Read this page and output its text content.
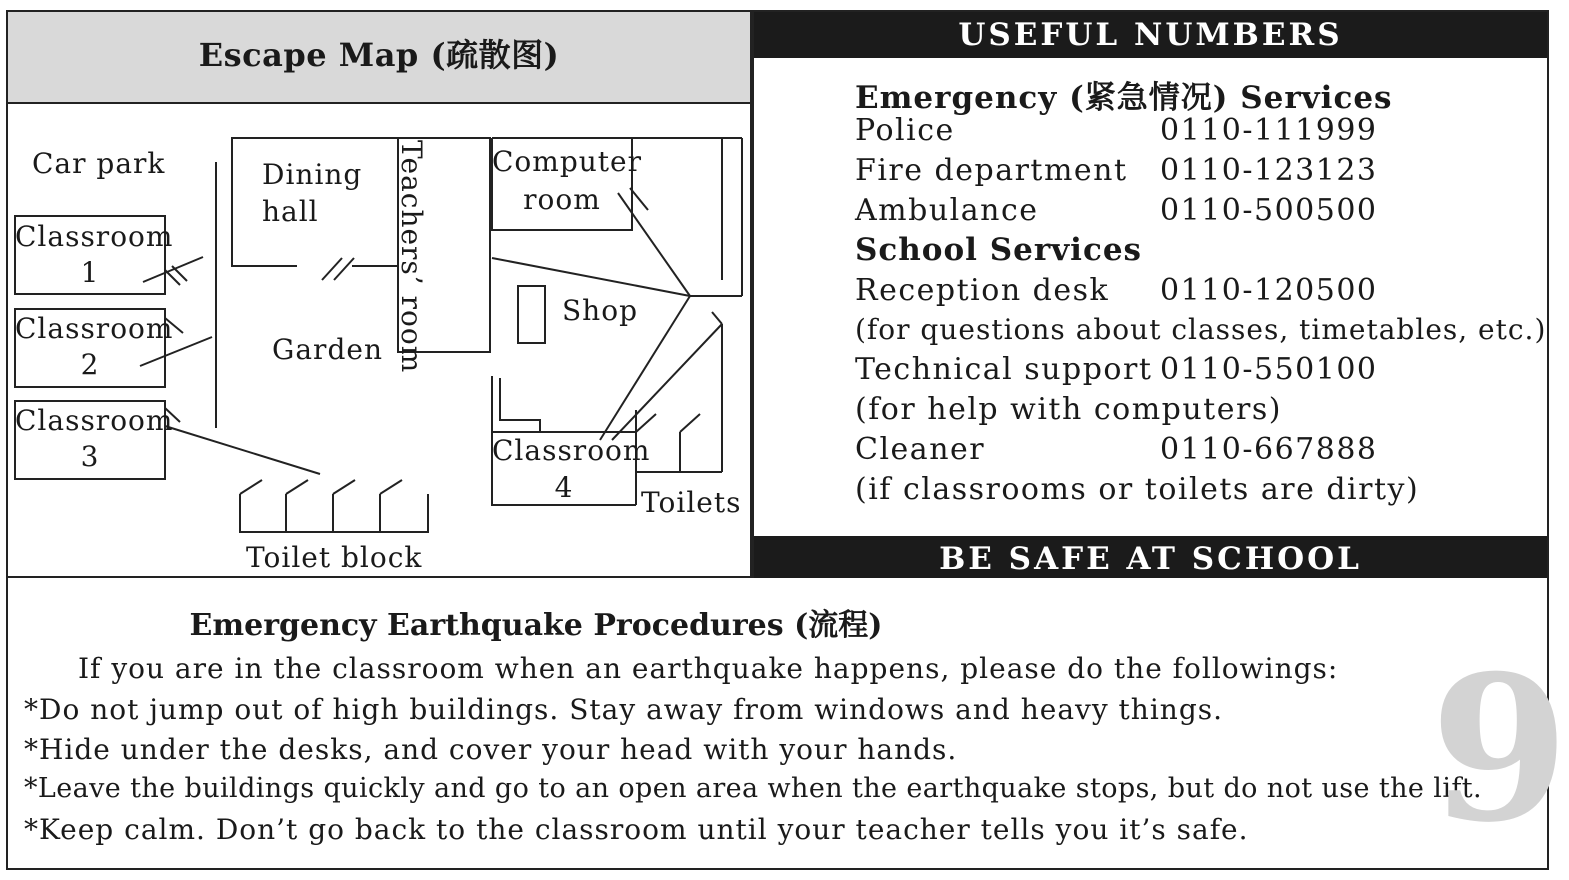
Escape Map (疏散图)
Car park
Classroom
1
Classroom
2
Classroom
3
Dining
hall	Teachers’ room Computer
room
Shop
Garden
Classroom
4	Toilets
Toilet block
USEFUL NUMBERS
Emergency (紧急情况) Services
Police	0110-111999
Fire department 0110-123123
Ambulance	0110-500500
School Services
Reception desk 0110-120500
(for questions about classes, timetables, etc.)
Technical support 0110-550100
(for help with computers)
Cleaner	0110-667888
(if classrooms or toilets are dirty)
BE SAFE AT SCHOOL
Emergency Earthquake Procedures (流程)
If you are in the classroom when an earthquake happens, please do the followings:
*Do not jump out of high buildings. Stay away from windows and heavy things.
*Hide under the desks, and cover your head with your hands.
*Leave the buildings quickly and go to an open area when the earthquake stops, but do not use the lift.
*Keep calm. Don’t go back to the classroom until your teacher tells you it’s safe. 9
